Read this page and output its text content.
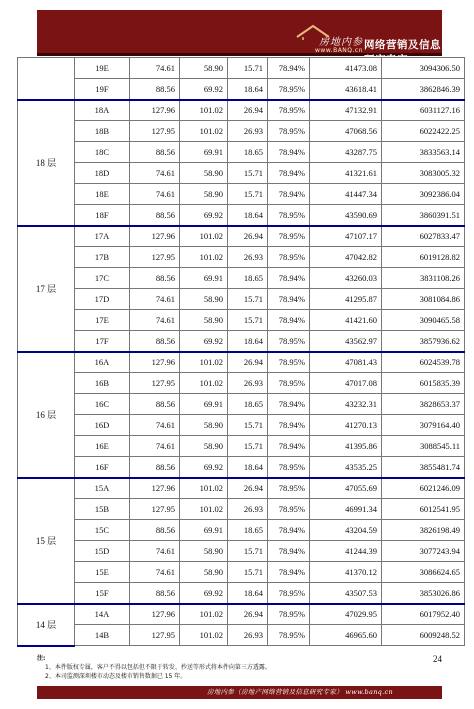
房地内参
www.BANQ.cn 网络营销及信息研究专家
	19E	74.61	58.90	15.71	78.94%	41473.08	3094306.50
	19F	88.56	69.92	18.64	78.95%	43618.41	3862846.39
18 层	18A	127.96	101.02	26.94	78.95%	47132.91	6031127.16
	18B	127.95	101.02	26.93	78.95%	47068.56	6022422.25
	18C	88.56	69.91	18.65	78.94%	43287.75	3833563.14
	18D	74.61	58.90	15.71	78.94%	41321.61	3083005.32
	18E	74.61	58.90	15.71	78.94%	41447.34	3092386.04
	18F	88.56	69.92	18.64	78.95%	43590.69	3860391.51
17 层	17A	127.96	101.02	26.94	78.95%	47107.17	6027833.47
	17B	127.95	101.02	26.93	78.95%	47042.82	6019128.82
	17C	88.56	69.91	18.65	78.94%	43260.03	3831108.26
	17D	74.61	58.90	15.71	78.94%	41295.87	3081084.86
	17E	74.61	58.90	15.71	78.94%	41421.60	3090465.58
	17F	88.56	69.92	18.64	78.95%	43562.97	3857936.62
16 层	16A	127.96	101.02	26.94	78.95%	47081.43	6024539.78
	16B	127.95	101.02	26.93	78.95%	47017.08	6015835.39
	16C	88.56	69.91	18.65	78.94%	43232.31	3828653.37
	16D	74.61	58.90	15.71	78.94%	41270.13	3079164.40
	16E	74.61	58.90	15.71	78.94%	41395.86	3088545.11
	16F	88.56	69.92	18.64	78.95%	43535.25	3855481.74
15 层	15A	127.96	101.02	26.94	78.95%	47055.69	6021246.09
	15B	127.95	101.02	26.93	78.95%	46991.34	6012541.95
	15C	88.56	69.91	18.65	78.94%	43204.59	3826198.49
	15D	74.61	58.90	15.71	78.94%	41244.39	3077243.94
	15E	74.61	58.90	15.71	78.94%	41370.12	3086624.65
	15F	88.56	69.92	18.64	78.95%	43507.53	3853026.86
14 层	14A	127.96	101.02	26.94	78.95%	47029.95	6017952.40
	14B	127.95	101.02	26.93	78.95%	46965.60	6009248.52
24
注:
1、本件版权专属，客户不得以包括但不限于转发、抄送等形式将本件向第三方透露。
2、本司监测深圳楼市动态及楼市销售数据已 15 年。
房地内参（房地产网络营销及信息研究专家） www.banq.cn
